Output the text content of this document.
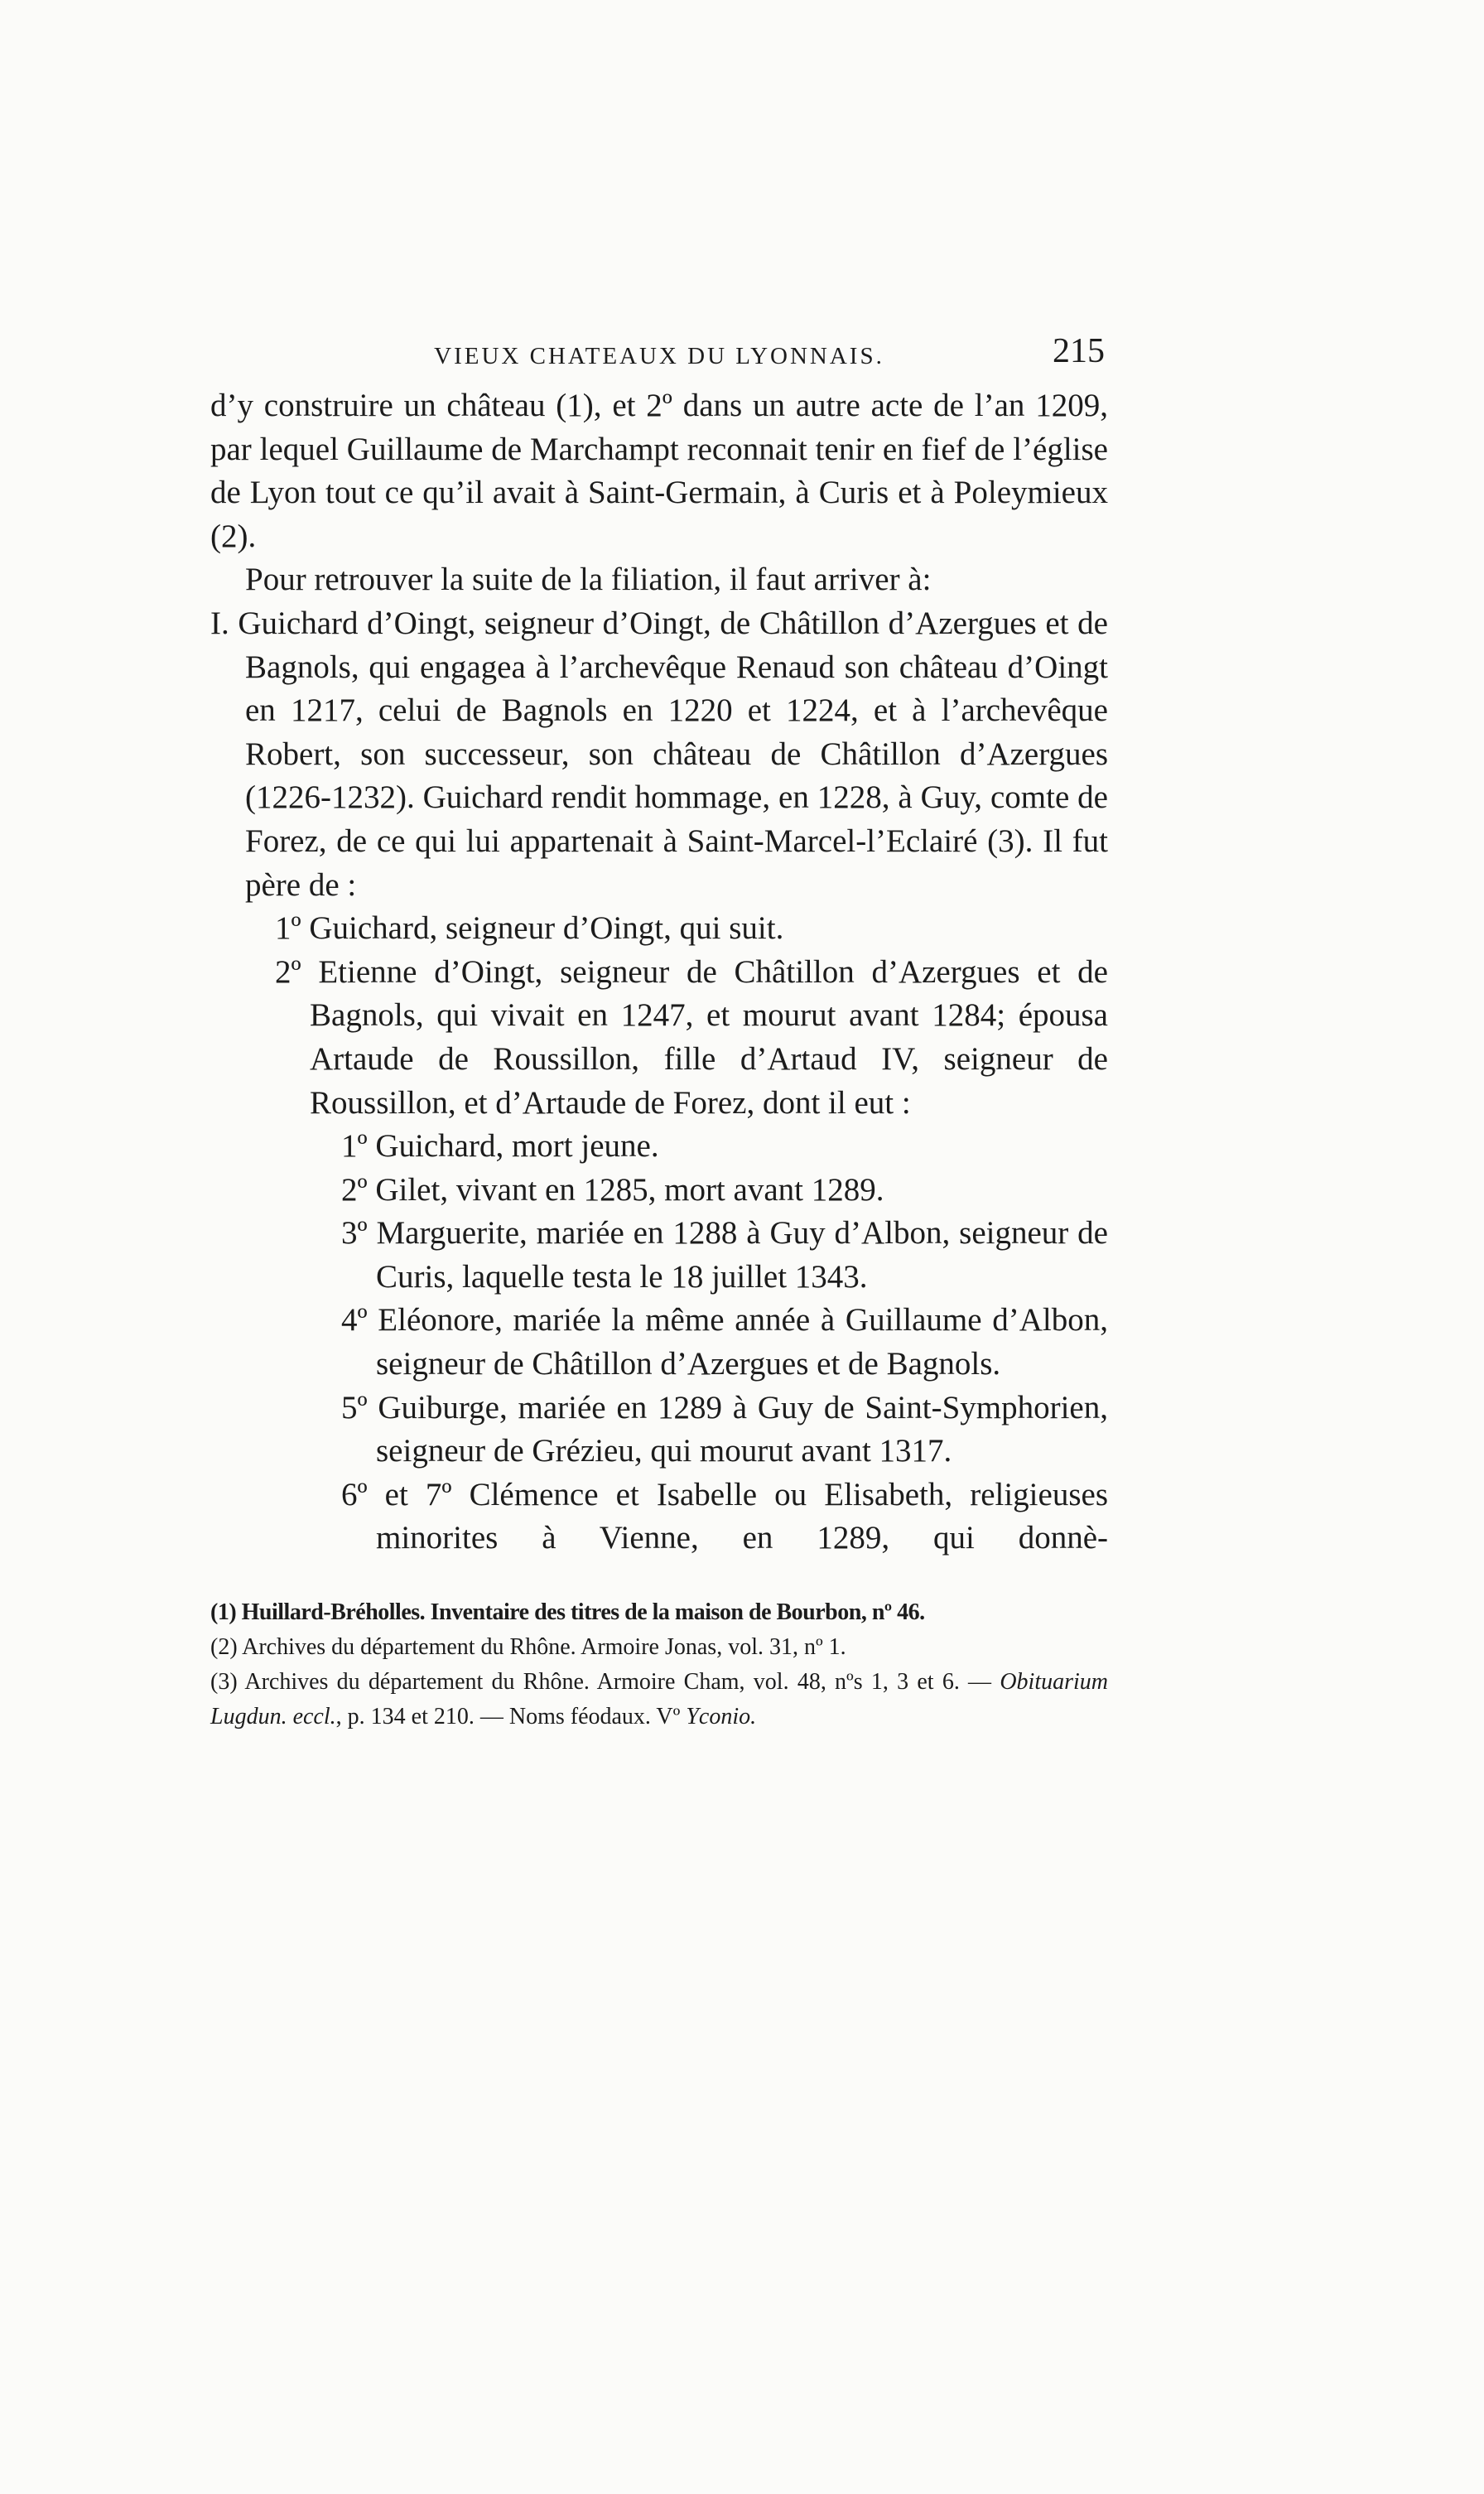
VIEUX CHATEAUX DU LYONNAIS.	215

d’y construire un château (1), et 2º dans un autre acte de l’an 1209, par lequel Guillaume de Marchampt reconnait tenir en fief de l’église de Lyon tout ce qu’il avait à Saint-Germain, à Curis et à Poleymieux (2).

Pour retrouver la suite de la filiation, il faut arriver à:

I. Guichard d’Oingt, seigneur d’Oingt, de Châtillon d’Azergues et de Bagnols, qui engagea à l’archevêque Renaud son château d’Oingt en 1217, celui de Bagnols en 1220 et 1224, et à l’archevêque Robert, son successeur, son château de Châtillon d’Azergues (1226-1232). Guichard rendit hommage, en 1228, à Guy, comte de Forez, de ce qui lui appartenait à Saint-Marcel-l’Eclairé (3). Il fut père de :

1º Guichard, seigneur d’Oingt, qui suit.

2º Etienne d’Oingt, seigneur de Châtillon d’Azergues et de Bagnols, qui vivait en 1247, et mourut avant 1284; épousa Artaude de Roussillon, fille d’Artaud IV, seigneur de Roussillon, et d’Artaude de Forez, dont il eut :

1º Guichard, mort jeune.

2º Gilet, vivant en 1285, mort avant 1289.

3º Marguerite, mariée en 1288 à Guy d’Albon, seigneur de Curis, laquelle testa le 18 juillet 1343.

4º Eléonore, mariée la même année à Guillaume d’Albon, seigneur de Châtillon d’Azergues et de Bagnols.

5º Guiburge, mariée en 1289 à Guy de Saint-Symphorien, seigneur de Grézieu, qui mourut avant 1317.

6º et 7º Clémence et Isabelle ou Elisabeth, religieuses minorites à Vienne, en 1289, qui donnè-

(1) Huillard-Bréholles. Inventaire des titres de la maison de Bourbon, nº 46.

(2) Archives du département du Rhône. Armoire Jonas, vol. 31, nº 1.

(3) Archives du département du Rhône. Armoire Cham, vol. 48, nºs 1, 3 et 6. — Obituarium Lugdun. eccl., p. 134 et 210. — Noms féodaux. Vº Yconio.
